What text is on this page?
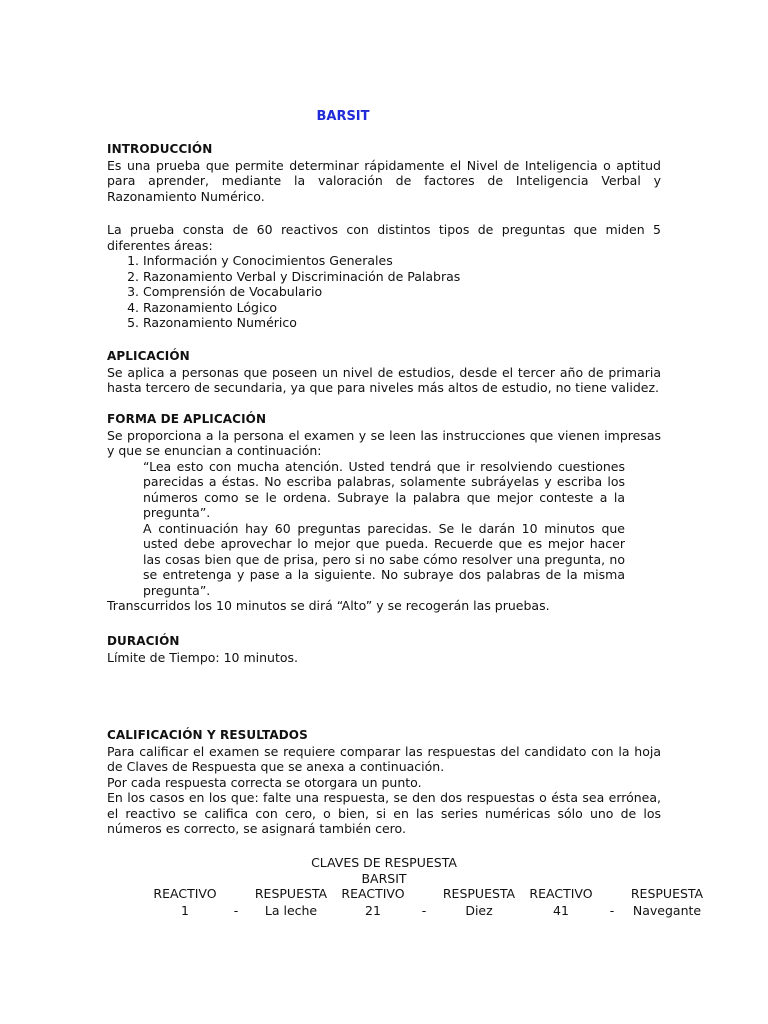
BARSIT
INTRODUCCIÓN
Es una prueba que permite determinar rápidamente el Nivel de Inteligencia o aptitud para aprender, mediante la valoración de factores de Inteligencia Verbal y Razonamiento Numérico.
La prueba consta de 60 reactivos con distintos tipos de preguntas que miden 5 diferentes áreas:
1. Información y Conocimientos Generales
2. Razonamiento Verbal y Discriminación de Palabras
3. Comprensión de Vocabulario
4. Razonamiento Lógico
5. Razonamiento Numérico
APLICACIÓN
Se aplica a personas que poseen un nivel de estudios, desde el tercer año de primaria hasta tercero de secundaria, ya que para niveles más altos de estudio, no tiene validez.
FORMA DE APLICACIÓN
Se proporciona a la persona el examen y se leen las instrucciones que vienen impresas y que se enuncian a continuación:
“Lea esto con mucha atención. Usted tendrá que ir resolviendo cuestiones parecidas a éstas. No escriba palabras, solamente subráyelas y escriba los números como se le ordena. Subraye la palabra que mejor conteste a la pregunta”.
A continuación hay 60 preguntas parecidas. Se le darán 10 minutos que usted debe aprovechar lo mejor que pueda. Recuerde que es mejor hacer las cosas bien que de prisa, pero si no sabe cómo resolver una pregunta, no se entretenga y pase a la siguiente. No subraye dos palabras de la misma pregunta”.
Transcurridos los 10 minutos se dirá “Alto” y se recogerán las pruebas.
DURACIÓN
Límite de Tiempo: 10 minutos.
CALIFICACIÓN Y RESULTADOS
Para calificar el examen se requiere comparar las respuestas del candidato con la hoja de Claves de Respuesta que se anexa a continuación.
Por cada respuesta correcta se otorgara un punto.
En los casos en los que: falte una respuesta, se den dos respuestas o ésta sea errónea, el reactivo se califica con cero, o bien, si en las series numéricas sólo uno de los números es correcto, se asignará también cero.
CLAVES DE RESPUESTA
BARSIT
REACTIVO		RESPUESTA	REACTIVO		RESPUESTA	REACTIVO		RESPUESTA
1	-	La leche	21	-	Diez	41	-	Navegante
